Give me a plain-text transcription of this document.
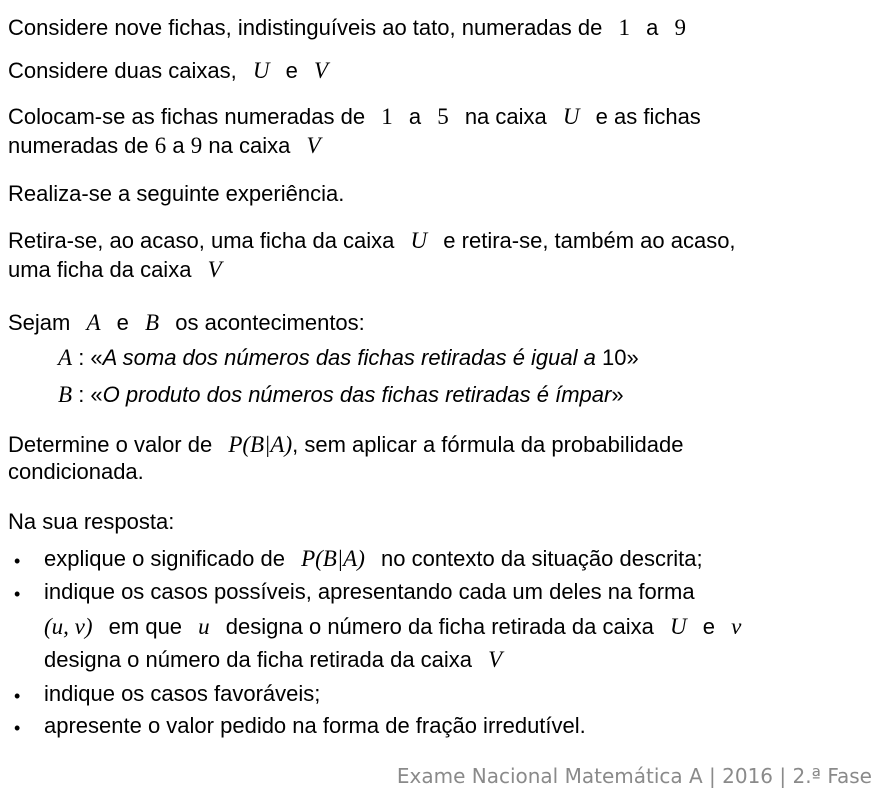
Considere nove fichas, indistinguíveis ao tato, numeradas de 1 a 9
Considere duas caixas, U e V
Colocam-se as fichas numeradas de 1 a 5 na caixa U e as fichas
numeradas de 6 a 9 na caixa V
Realiza-se a seguinte experiência.
Retira-se, ao acaso, uma ficha da caixa U e retira-se, também ao acaso,
uma ficha da caixa V
Sejam A e B os acontecimentos:
A : «A soma dos números das fichas retiradas é igual a 10»
B : «O produto dos números das fichas retiradas é ímpar»
Determine o valor de P(B|A), sem aplicar a fórmula da probabilidade
condicionada.
Na sua resposta:
• explique o significado de P(B|A) no contexto da situação descrita;
• indique os casos possíveis, apresentando cada um deles na forma
(u, v) em que u designa o número da ficha retirada da caixa U e v
designa o número da ficha retirada da caixa V
• indique os casos favoráveis;
• apresente o valor pedido na forma de fração irredutível.
Exame Nacional Matemática A | 2016 | 2.ª Fase
